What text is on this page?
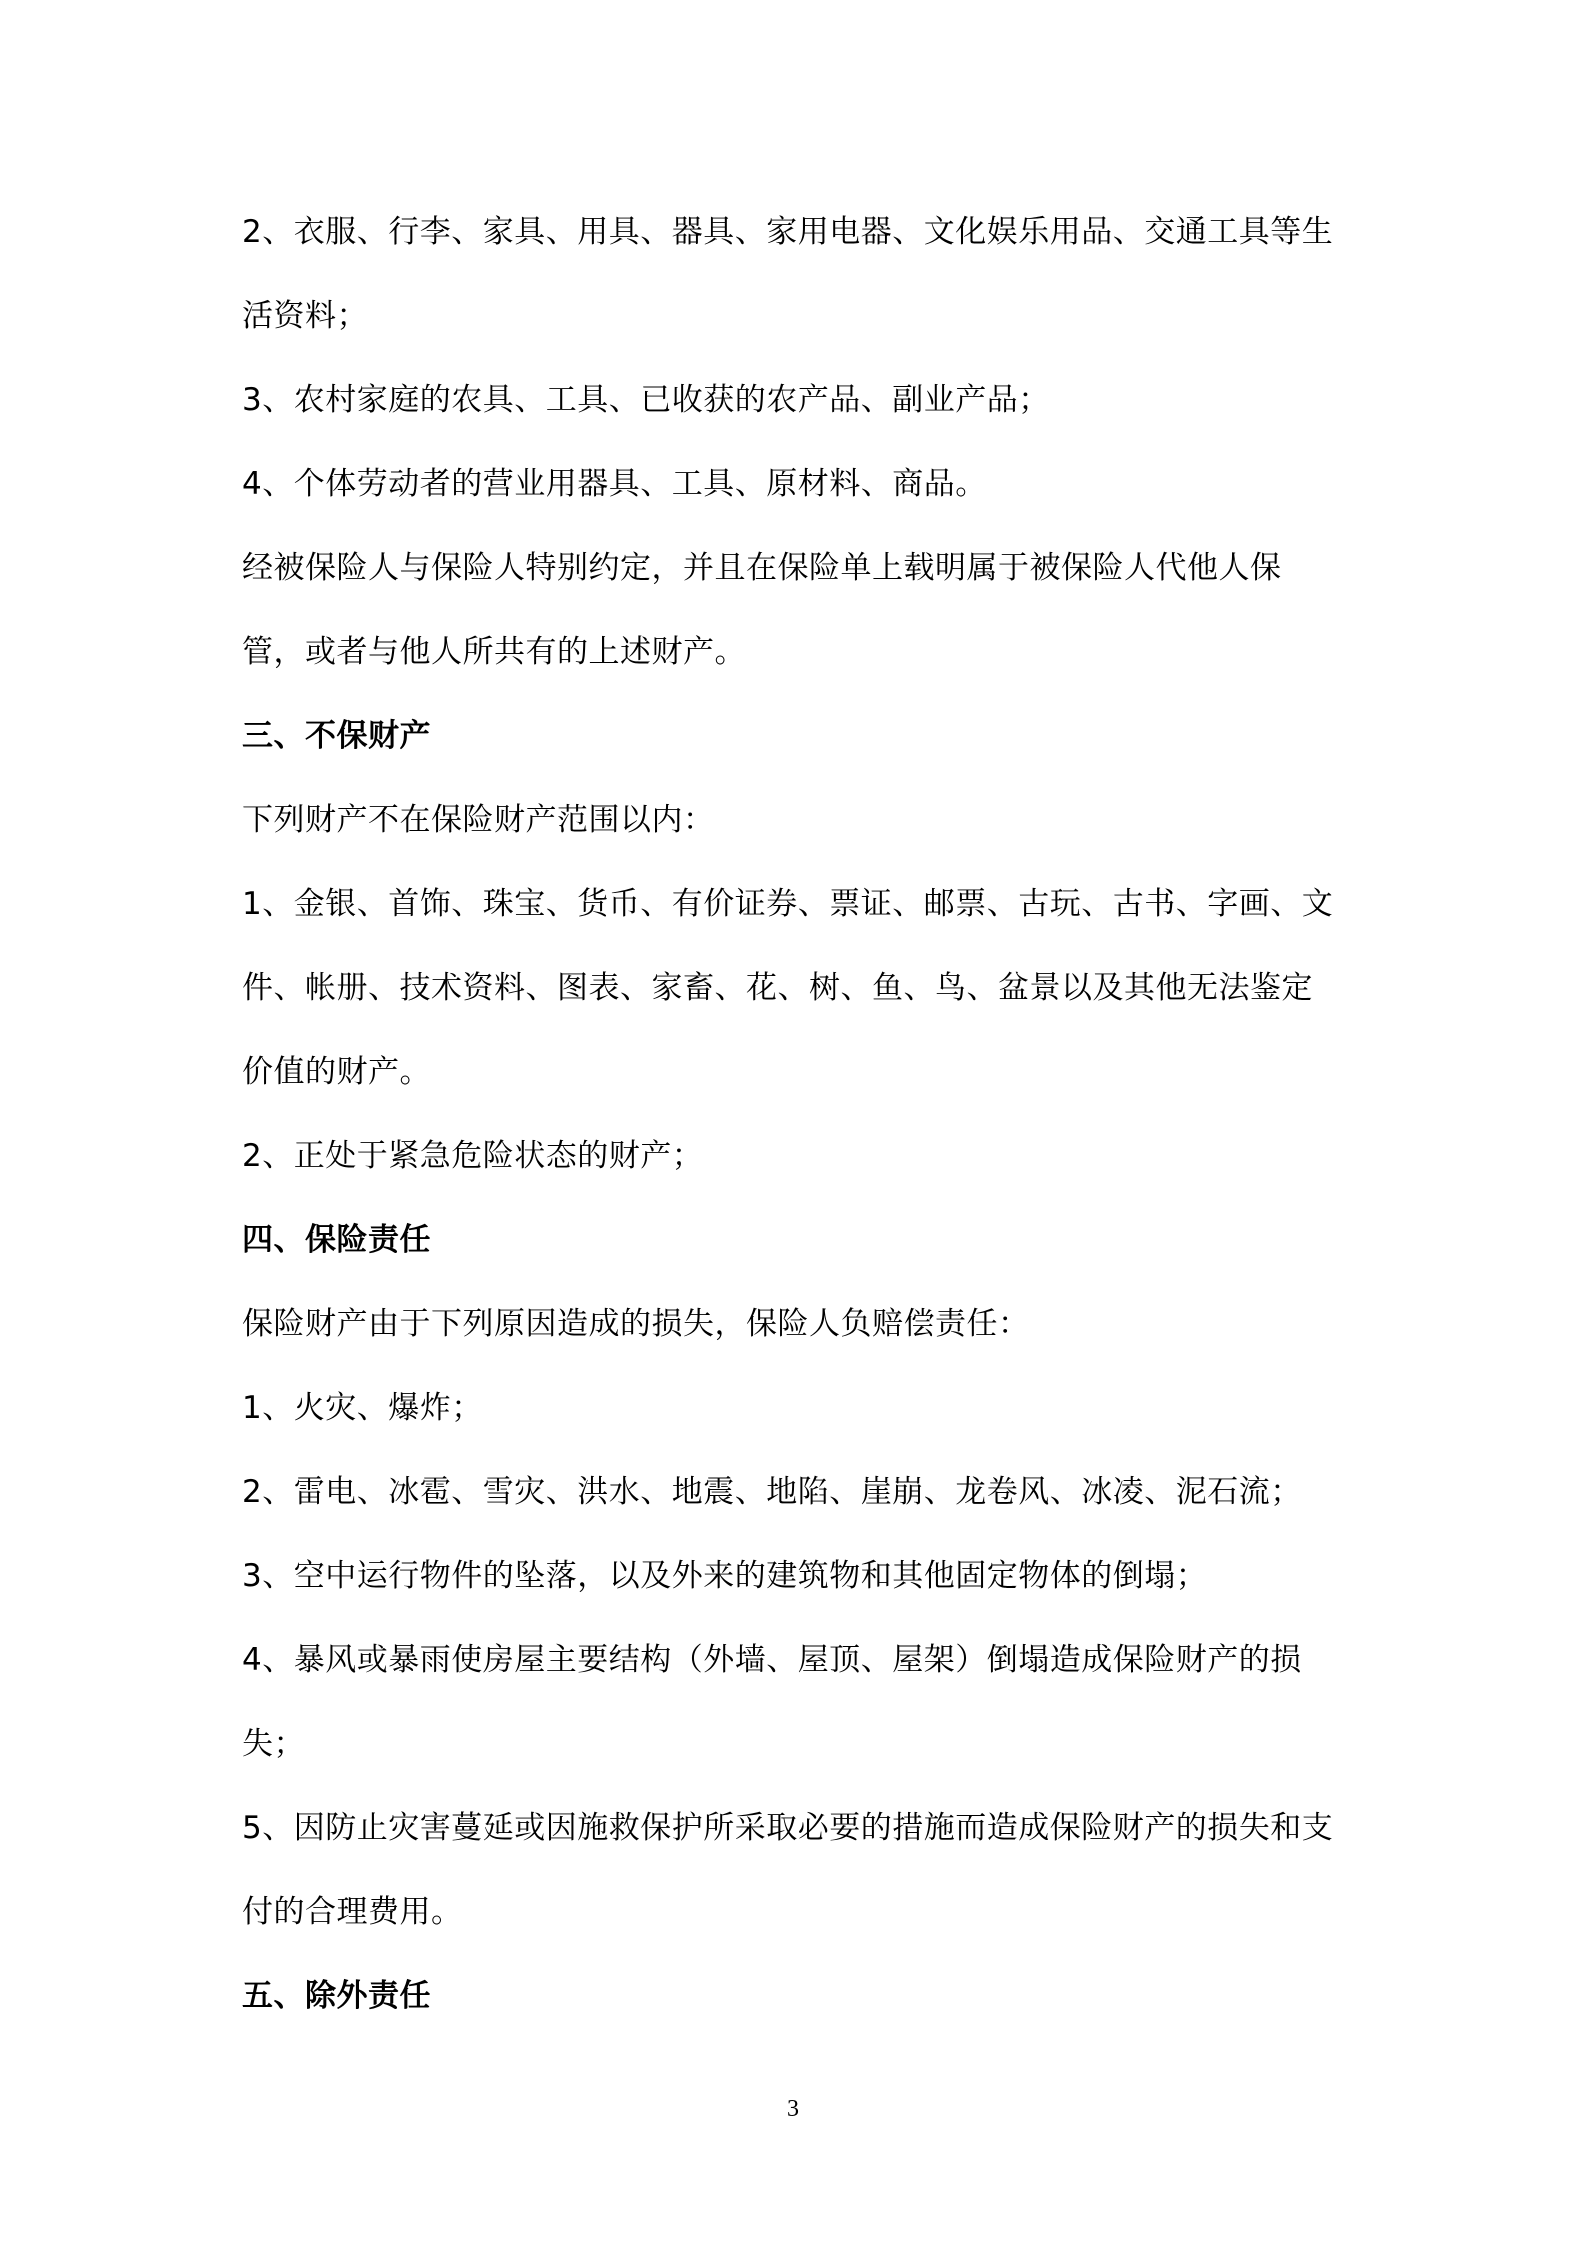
2、衣服、行李、家具、用具、器具、家用电器、文化娱乐用品、交通工具等生
活资料；
3、农村家庭的农具、工具、已收获的农产品、副业产品；
4、个体劳动者的营业用器具、工具、原材料、商品。
经被保险人与保险人特别约定，并且在保险单上载明属于被保险人代他人保
管，或者与他人所共有的上述财产。
三、不保财产
下列财产不在保险财产范围以内：
1、金银、首饰、珠宝、货币、有价证券、票证、邮票、古玩、古书、字画、文
件、帐册、技术资料、图表、家畜、花、树、鱼、鸟、盆景以及其他无法鉴定
价值的财产。
2、正处于紧急危险状态的财产；
四、保险责任
保险财产由于下列原因造成的损失，保险人负赔偿责任：
1、火灾、爆炸；
2、雷电、冰雹、雪灾、洪水、地震、地陷、崖崩、龙卷风、冰凌、泥石流；
3、空中运行物件的坠落，以及外来的建筑物和其他固定物体的倒塌；
4、暴风或暴雨使房屋主要结构（外墙、屋顶、屋架）倒塌造成保险财产的损
失；
5、因防止灾害蔓延或因施救保护所采取必要的措施而造成保险财产的损失和支
付的合理费用。
五、除外责任
3
